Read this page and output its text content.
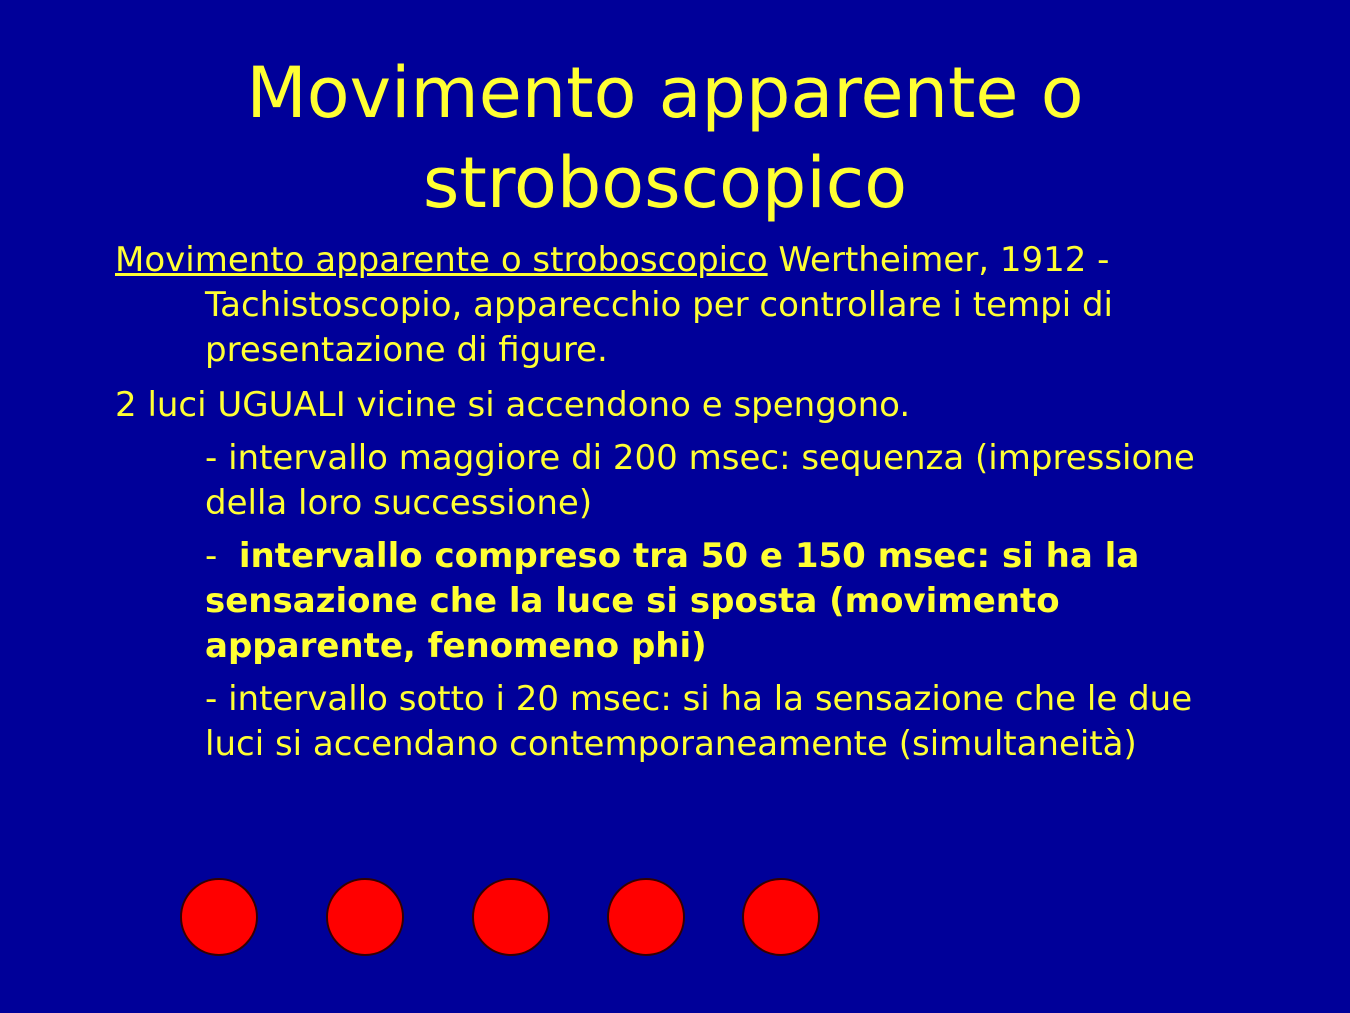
Movimento apparente o
stroboscopico

Movimento apparente o stroboscopico Wertheimer, 1912 - Tachistoscopio, apparecchio per controllare i tempi di presentazione di figure.

2 luci UGUALI vicine si accendono e spengono.

- intervallo maggiore di 200 msec: sequenza (impressione della loro successione)

-  intervallo compreso tra 50 e 150 msec: si ha la sensazione che la luce si sposta (movimento apparente, fenomeno phi)

- intervallo sotto i 20 msec: si ha la sensazione che le due luci si accendano contemporaneamente (simultaneità)
